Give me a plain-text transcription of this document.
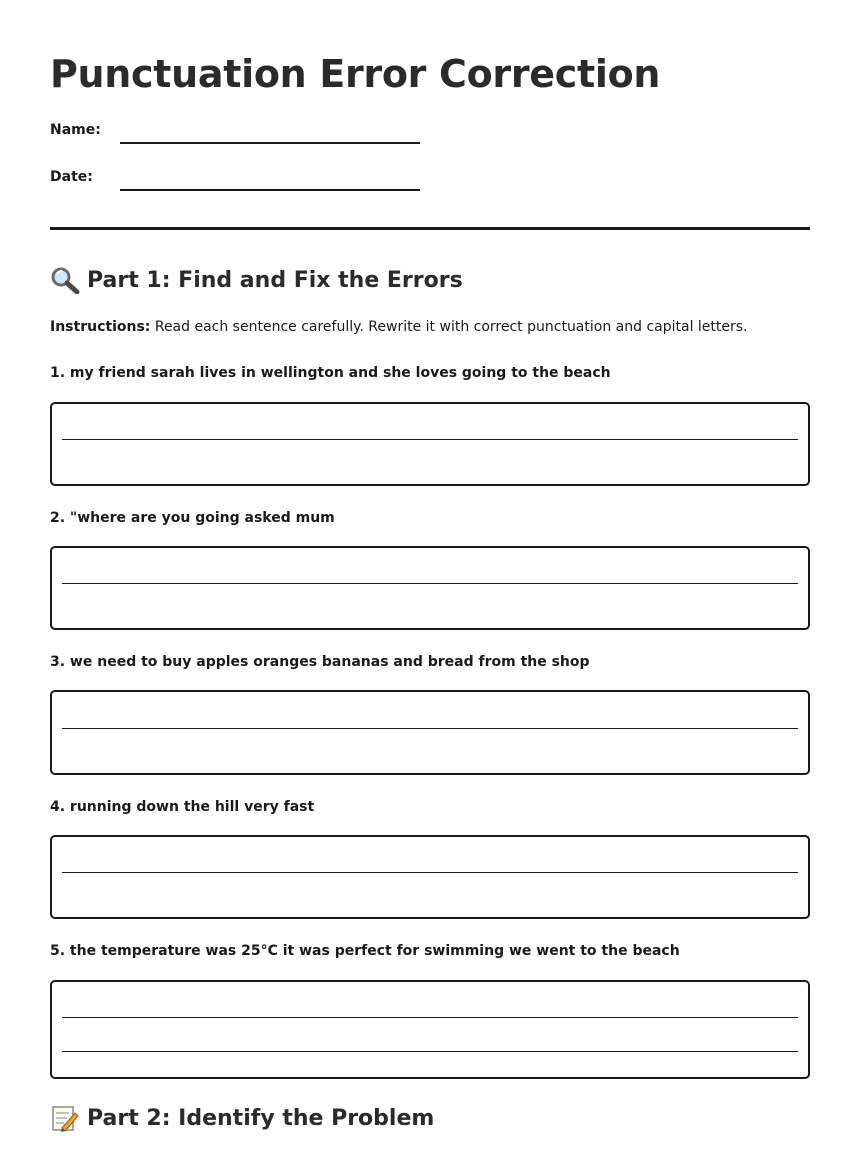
Punctuation Error Correction
Name:
Date:
Part 1: Find and Fix the Errors
Instructions: Read each sentence carefully. Rewrite it with correct punctuation and capital letters.
1. my friend sarah lives in wellington and she loves going to the beach
2. "where are you going asked mum
3. we need to buy apples oranges bananas and bread from the shop
4. running down the hill very fast
5. the temperature was 25°C it was perfect for swimming we went to the beach
Part 2: Identify the Problem
